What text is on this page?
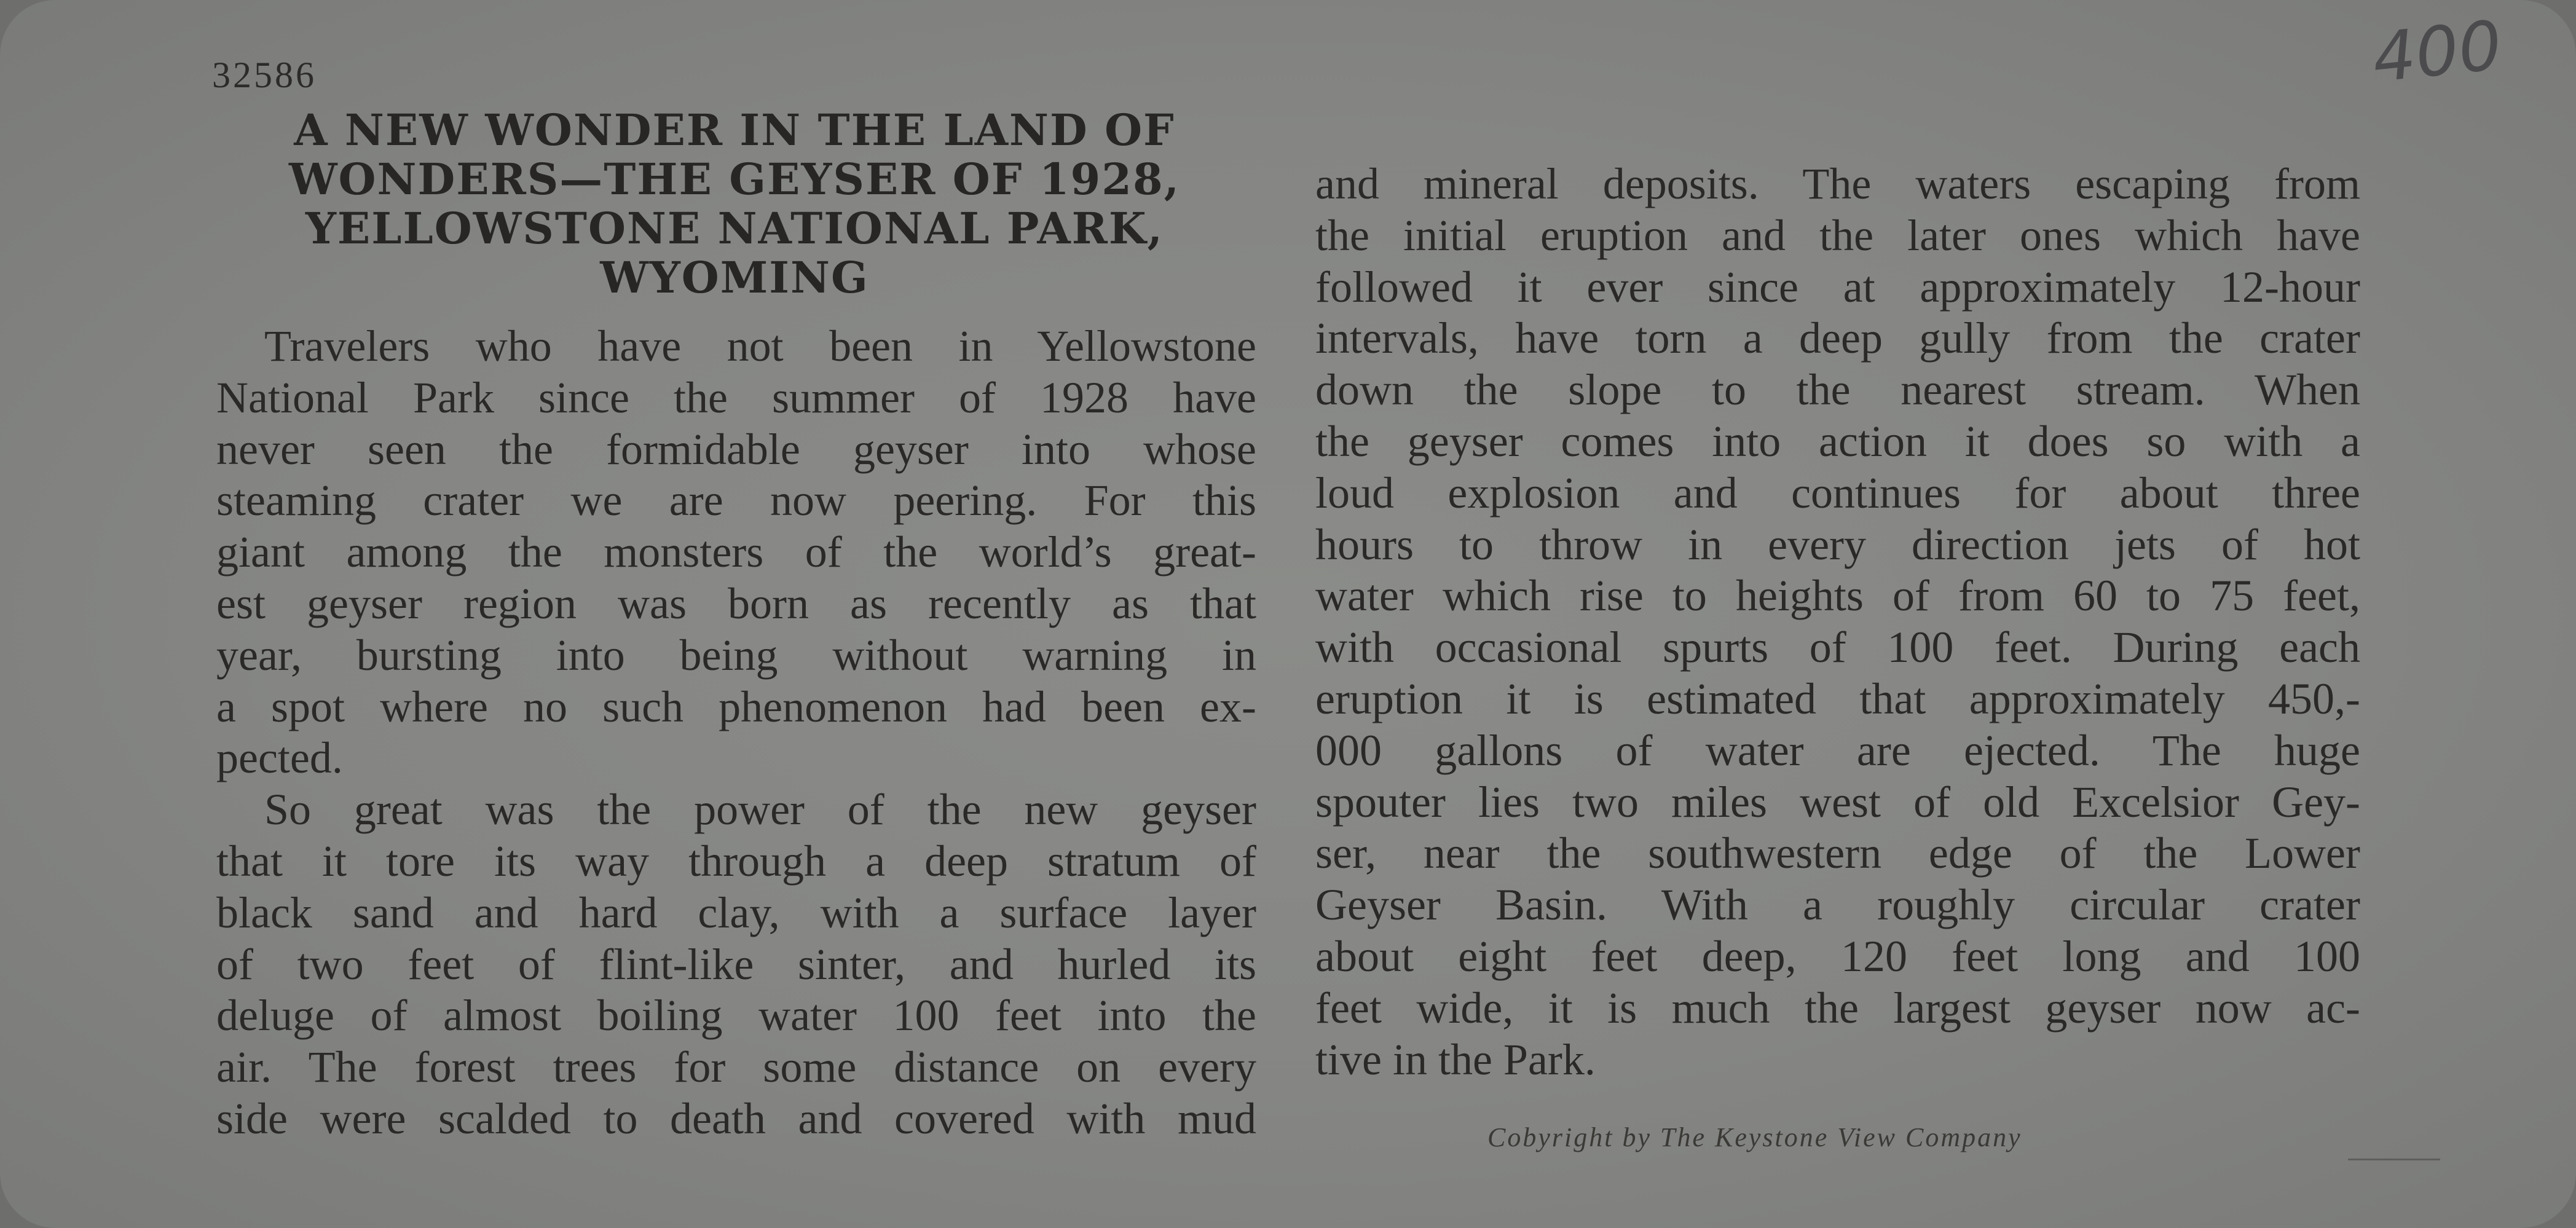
400
32586
A NEW WONDER IN THE LAND OF
WONDERS—THE GEYSER OF 1928,
YELLOWSTONE NATIONAL PARK,
WYOMING
Travelers who have not been in Yellowstone
National Park since the summer of 1928 have
never seen the formidable geyser into whose
steaming crater we are now peering. For this
giant among the monsters of the world’s great-
est geyser region was born as recently as that
year, bursting into being without warning in
a spot where no such phenomenon had been ex-
pected.
So great was the power of the new geyser
that it tore its way through a deep stratum of
black sand and hard clay, with a surface layer
of two feet of flint-like sinter, and hurled its
deluge of almost boiling water 100 feet into the
air. The forest trees for some distance on every
side were scalded to death and covered with mud
and mineral deposits. The waters escaping from
the initial eruption and the later ones which have
followed it ever since at approximately 12-hour
intervals, have torn a deep gully from the crater
down the slope to the nearest stream. When
the geyser comes into action it does so with a
loud explosion and continues for about three
hours to throw in every direction jets of hot
water which rise to heights of from 60 to 75 feet,
with occasional spurts of 100 feet. During each
eruption it is estimated that approximately 450,-
000 gallons of water are ejected. The huge
spouter lies two miles west of old Excelsior Gey-
ser, near the southwestern edge of the Lower
Geyser Basin. With a roughly circular crater
about eight feet deep, 120 feet long and 100
feet wide, it is much the largest geyser now ac-
tive in the Park.
Cobyright by The Keystone View Company
